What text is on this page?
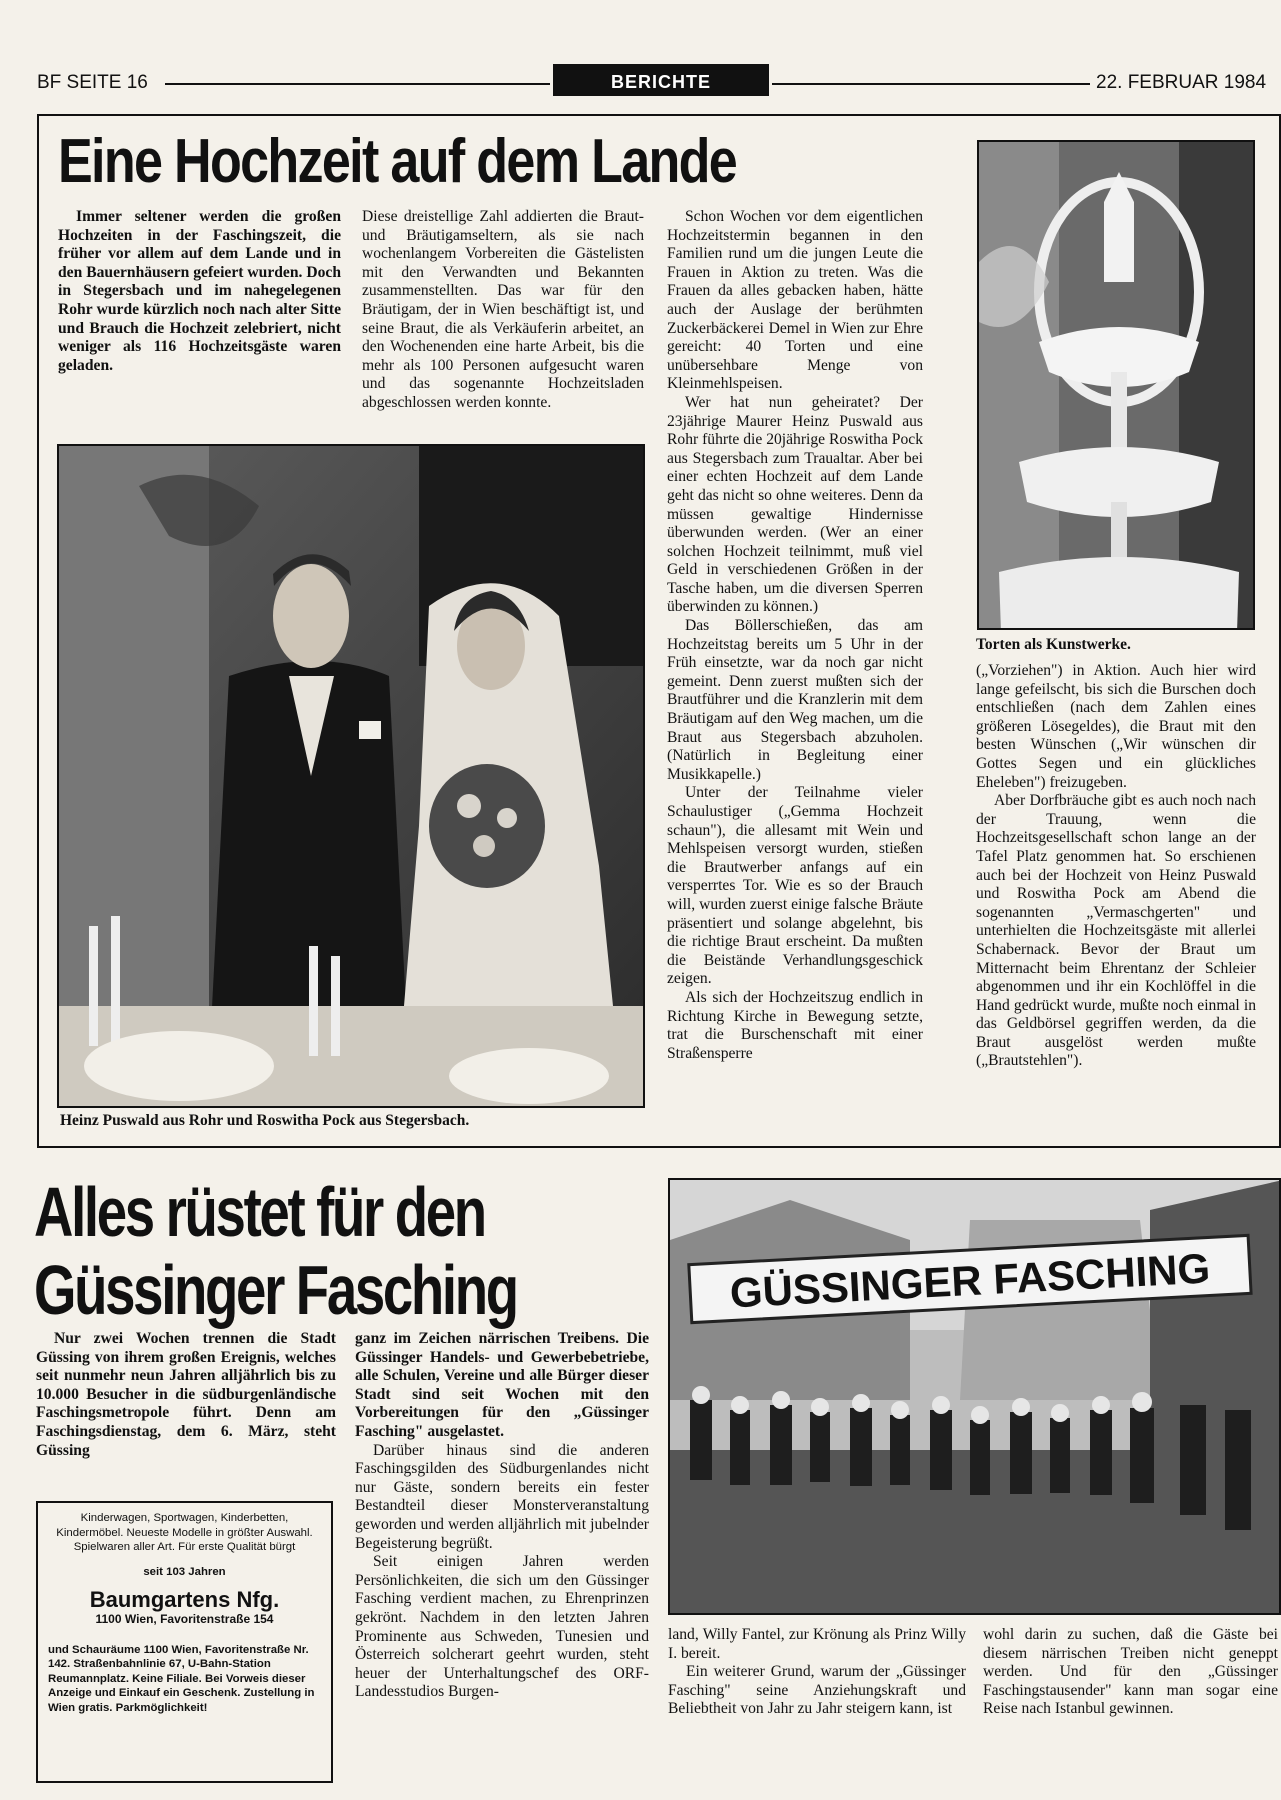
BF SEITE 16	BERICHTE	22. FEBRUAR 1984
Eine Hochzeit auf dem Lande

Immer seltener werden die großen Hochzeiten in der Faschingszeit, die früher vor allem auf dem Lande und in den Bauernhäusern gefeiert wurden. Doch in Stegersbach und im nahegelegenen Rohr wurde kürzlich noch nach alter Sitte und Brauch die Hochzeit zelebriert, nicht weniger als 116 Hochzeitsgäste waren geladen.

Diese dreistellige Zahl addierten die Braut- und Bräutigamseltern, als sie nach wochenlangem Vorbereiten die Gästelisten mit den Verwandten und Bekannten zusammenstellten. Das war für den Bräutigam, der in Wien beschäftigt ist, und seine Braut, die als Verkäuferin arbeitet, an den Wochenenden eine harte Arbeit, bis die mehr als 100 Personen aufgesucht waren und das sogenannte Hochzeitsladen abgeschlossen werden konnte.

Heinz Puswald aus Rohr und Roswitha Pock aus Stegersbach.

Schon Wochen vor dem eigentlichen Hochzeitstermin begannen in den Familien rund um die jungen Leute die Frauen in Aktion zu treten. Was die Frauen da alles gebacken haben, hätte auch der Auslage der berühmten Zuckerbäckerei Demel in Wien zur Ehre gereicht: 40 Torten und eine unübersehbare Menge von Kleinmehlspeisen.

Wer hat nun geheiratet? Der 23jährige Maurer Heinz Puswald aus Rohr führte die 20jährige Roswitha Pock aus Stegersbach zum Traualtar. Aber bei einer echten Hochzeit auf dem Lande geht das nicht so ohne weiteres. Denn da müssen gewaltige Hindernisse überwunden werden. (Wer an einer solchen Hochzeit teilnimmt, muß viel Geld in verschiedenen Größen in der Tasche haben, um die diversen Sperren überwinden zu können.)

Das Böllerschießen, das am Hochzeitstag bereits um 5 Uhr in der Früh einsetzte, war da noch gar nicht gemeint. Denn zuerst mußten sich der Brautführer und die Kranzlerin mit dem Bräutigam auf den Weg machen, um die Braut aus Stegersbach abzuholen. (Natürlich in Begleitung einer Musikkapelle.)

Unter der Teilnahme vieler Schaulustiger („Gemma Hochzeit schaun"), die allesamt mit Wein und Mehlspeisen versorgt wurden, stießen die Brautwerber anfangs auf ein versperrtes Tor. Wie es so der Brauch will, wurden zuerst einige falsche Bräute präsentiert und solange abgelehnt, bis die richtige Braut erscheint. Da mußten die Beistände Verhandlungsgeschick zeigen.

Als sich der Hochzeitszug endlich in Richtung Kirche in Bewegung setzte, trat die Burschenschaft mit einer Straßensperre

Torten als Kunstwerke.

(„Vorziehen") in Aktion. Auch hier wird lange gefeilscht, bis sich die Burschen doch entschließen (nach dem Zahlen eines größeren Lösegeldes), die Braut mit den besten Wünschen („Wir wünschen dir Gottes Segen und ein glückliches Eheleben") freizugeben.

Aber Dorfbräuche gibt es auch noch nach der Trauung, wenn die Hochzeitsgesellschaft schon lange an der Tafel Platz genommen hat. So erschienen auch bei der Hochzeit von Heinz Puswald und Roswitha Pock am Abend die sogenannten „Vermaschgerten" und unterhielten die Hochzeitsgäste mit allerlei Schabernack. Bevor der Braut um Mitternacht beim Ehrentanz der Schleier abgenommen und ihr ein Kochlöffel in die Hand gedrückt wurde, mußte noch einmal in das Geldbörsel gegriffen werden, da die Braut ausgelöst werden mußte („Brautstehlen").

Alles rüstet für den
Güssinger Fasching

Nur zwei Wochen trennen die Stadt Güssing von ihrem großen Ereignis, welches seit nunmehr neun Jahren alljährlich bis zu 10.000 Besucher in die südburgenländische Faschingsmetropole führt. Denn am Faschingsdienstag, dem 6. März, steht Güssing

ganz im Zeichen närrischen Treibens. Die Güssinger Handels- und Gewerbebetriebe, alle Schulen, Vereine und alle Bürger dieser Stadt sind seit Wochen mit den Vorbereitungen für den „Güssinger Fasching" ausgelastet.

Darüber hinaus sind die anderen Faschingsgilden des Südburgenlandes nicht nur Gäste, sondern bereits ein fester Bestandteil dieser Monsterveranstaltung geworden und werden alljährlich mit jubelnder Begeisterung begrüßt.

Seit einigen Jahren werden Persönlichkeiten, die sich um den Güssinger Fasching verdient machen, zu Ehrenprinzen gekrönt. Nachdem in den letzten Jahren Prominente aus Schweden, Tunesien und Österreich solcherart geehrt wurden, steht heuer der Unterhaltungschef des ORF-Landesstudios Burgen-

GÜSSINGER FASCHING

land, Willy Fantel, zur Krönung als Prinz Willy I. bereit.

Ein weiterer Grund, warum der „Güssinger Fasching" seine Anziehungskraft und Beliebtheit von Jahr zu Jahr steigern kann, ist

wohl darin zu suchen, daß die Gäste bei diesem närrischen Treiben nicht geneppt werden. Und für den „Güssinger Faschingstausender" kann man sogar eine Reise nach Istanbul gewinnen.

Kinderwagen, Sportwagen, Kinderbetten, Kindermöbel. Neueste Modelle in größter Auswahl. Spielwaren aller Art. Für erste Qualität bürgt
seit 103 Jahren
Baumgartens Nfg.
1100 Wien, Favoritenstraße 154
und Schauräume 1100 Wien, Favoritenstraße Nr. 142. Straßenbahnlinie 67, U-Bahn-Station Reumannplatz. Keine Filiale. Bei Vorweis dieser Anzeige und Einkauf ein Geschenk. Zustellung in Wien gratis. Parkmöglichkeit!
